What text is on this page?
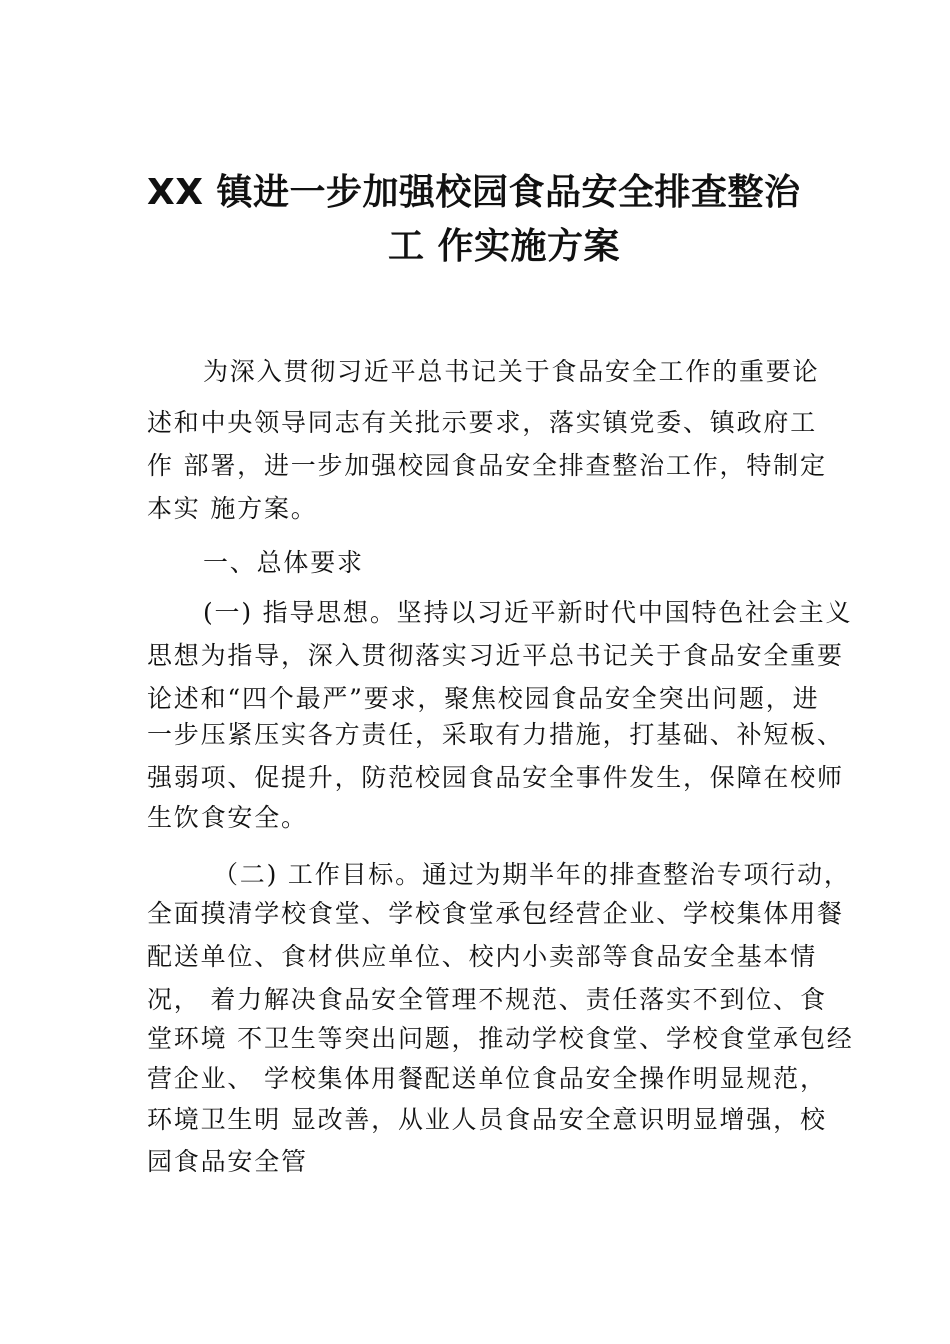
XX 镇进一步加强校园食品安全排查整治
工 作实施方案
为深入贯彻习近平总书记关于食品安全工作的重要论
述和中央领导同志有关批示要求，落实镇党委、镇政府工
作 部署，进一步加强校园食品安全排查整治工作，特制定
本实 施方案。
一、总体要求
(一) 指导思想。坚持以习近平新时代中国特色社会主义
思想为指导，深入贯彻落实习近平总书记关于食品安全重要
论述和“四个最严”要求，聚焦校园食品安全突出问题，进
一步压紧压实各方责任，采取有力措施，打基础、补短板、
强弱项、促提升，防范校园食品安全事件发生，保障在校师
生饮食安全。
（二) 工作目标。通过为期半年的排查整治专项行动，
全面摸清学校食堂、学校食堂承包经营企业、学校集体用餐
配送单位、食材供应单位、校内小卖部等食品安全基本情
况， 着力解决食品安全管理不规范、责任落实不到位、食
堂环境 不卫生等突出问题，推动学校食堂、学校食堂承包经
营企业、 学校集体用餐配送单位食品安全操作明显规范，
环境卫生明 显改善，从业人员食品安全意识明显增强，校
园食品安全管
